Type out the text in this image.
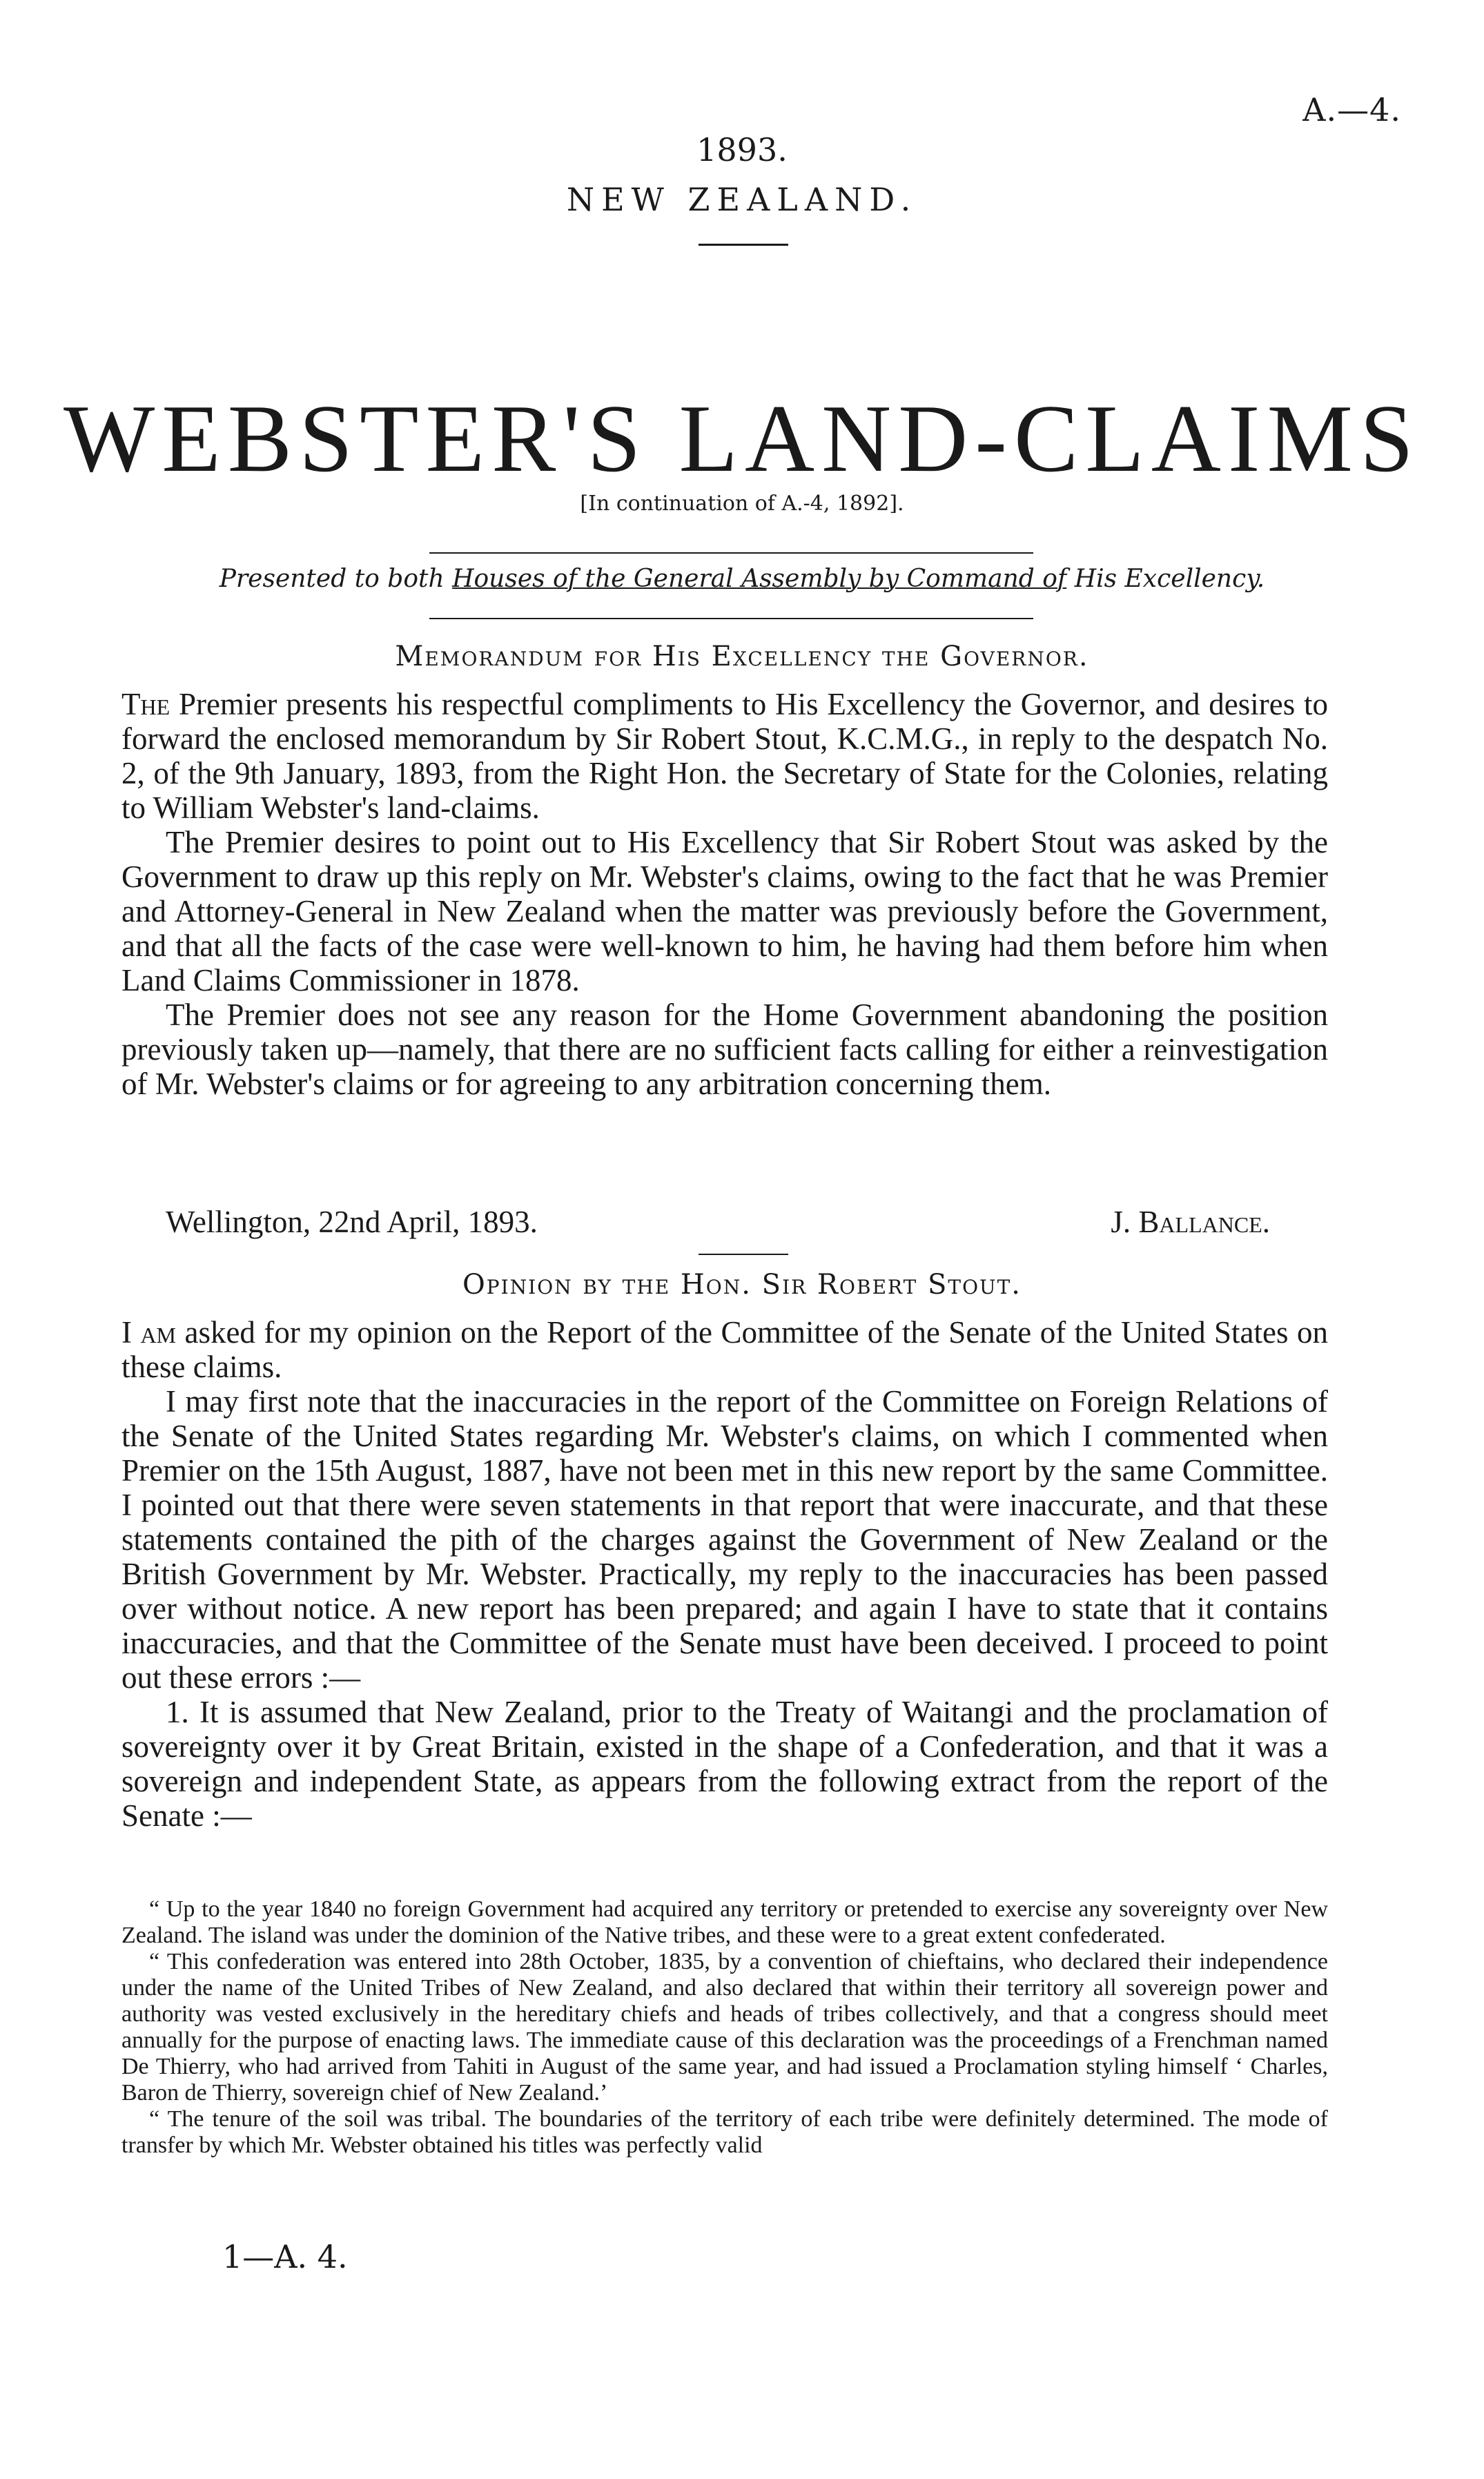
A.—4.
1893.
NEW ZEALAND.
WEBSTER'S LAND-CLAIMS
[In continuation of A.-4, 1892].
Presented to both Houses of the General Assembly by Command of His Excellency.
Memorandum for His Excellency the Governor.

The Premier presents his respectful compliments to His Excellency the Governor, and desires to forward the enclosed memorandum by Sir Robert Stout, K.C.M.G., in reply to the despatch No. 2, of the 9th January, 1893, from the Right Hon. the Secretary of State for the Colonies, relating to William Webster's land-claims.

The Premier desires to point out to His Excellency that Sir Robert Stout was asked by the Government to draw up this reply on Mr. Webster's claims, owing to the fact that he was Premier and Attorney-General in New Zealand when the matter was previously before the Government, and that all the facts of the case were well-known to him, he having had them before him when Land Claims Commissioner in 1878.

The Premier does not see any reason for the Home Government abandoning the position previously taken up—namely, that there are no sufficient facts calling for either a reinvestigation of Mr. Webster's claims or for agreeing to any arbitration concerning them.

Wellington, 22nd April, 1893.	J. Ballance.
Opinion by the Hon. Sir Robert Stout.

I am asked for my opinion on the Report of the Committee of the Senate of the United States on these claims.

I may first note that the inaccuracies in the report of the Committee on Foreign Relations of the Senate of the United States regarding Mr. Webster's claims, on which I commented when Premier on the 15th August, 1887, have not been met in this new report by the same Committee. I pointed out that there were seven statements in that report that were inaccurate, and that these statements contained the pith of the charges against the Government of New Zealand or the British Government by Mr. Webster. Practically, my reply to the inaccuracies has been passed over without notice. A new report has been prepared; and again I have to state that it contains inaccuracies, and that the Committee of the Senate must have been deceived. I proceed to point out these errors :—

1. It is assumed that New Zealand, prior to the Treaty of Waitangi and the proclamation of sovereignty over it by Great Britain, existed in the shape of a Confederation, and that it was a sovereign and independent State, as appears from the following extract from the report of the Senate :—

“ Up to the year 1840 no foreign Government had acquired any territory or pretended to exercise any sovereignty over New Zealand. The island was under the dominion of the Native tribes, and these were to a great extent confederated.

“ This confederation was entered into 28th October, 1835, by a convention of chieftains, who declared their independence under the name of the United Tribes of New Zealand, and also declared that within their territory all sovereign power and authority was vested exclusively in the hereditary chiefs and heads of tribes collectively, and that a congress should meet annually for the purpose of enacting laws. The immediate cause of this declaration was the proceedings of a Frenchman named De Thierry, who had arrived from Tahiti in August of the same year, and had issued a Proclamation styling himself ‘ Charles, Baron de Thierry, sovereign chief of New Zealand.’

“ The tenure of the soil was tribal. The boundaries of the territory of each tribe were definitely determined. The mode of transfer by which Mr. Webster obtained his titles was perfectly valid

1—A. 4.
